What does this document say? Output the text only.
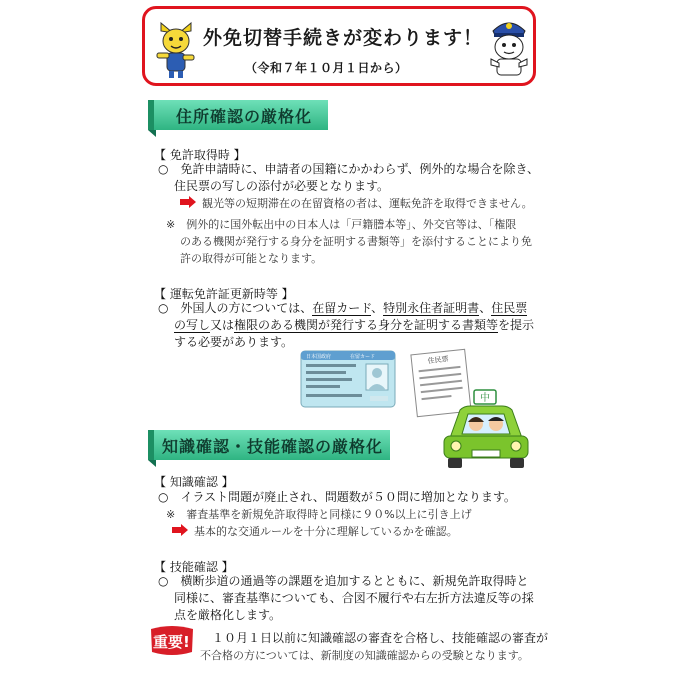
外免切替手続きが変わります！
（令和７年１０月１日から）
住所確認の厳格化
【 免許取得時 】
○　免許申請時に、申請者の国籍にかかわらず、例外的な場合を除き、
住民票の写しの添付が必要となります。
観光等の短期滞在の在留資格の者は、運転免許を取得できません。
※　例外的に国外転出中の日本人は「戸籍謄本等」、外交官等は、「権限
のある機関が発行する身分を証明する書類等」を添付することにより免
許の取得が可能となります。
【 運転免許証更新時等 】
○　外国人の方については、在留カード、特別永住者証明書、住民票
の写し又は権限のある機関が発行する身分を証明する書類等を提示
する必要があります。
日本国政府	在留カード	住民票
中
知識確認・技能確認の厳格化
【 知識確認 】
○　イラスト問題が廃止され、問題数が５０問に増加となります。
※　審査基準を新規免許取得時と同様に９０%以上に引き上げ
基本的な交通ルールを十分に理解しているかを確認。
【 技能確認 】
○　横断歩道の通過等の課題を追加するとともに、新規免許取得時と
同様に、審査基準についても、合図不履行や右左折方法違反等の採
点を厳格化します。
重要! １０月１日以前に知識確認の審査を合格し、技能確認の審査が
不合格の方については、新制度の知識確認からの受験となります。
